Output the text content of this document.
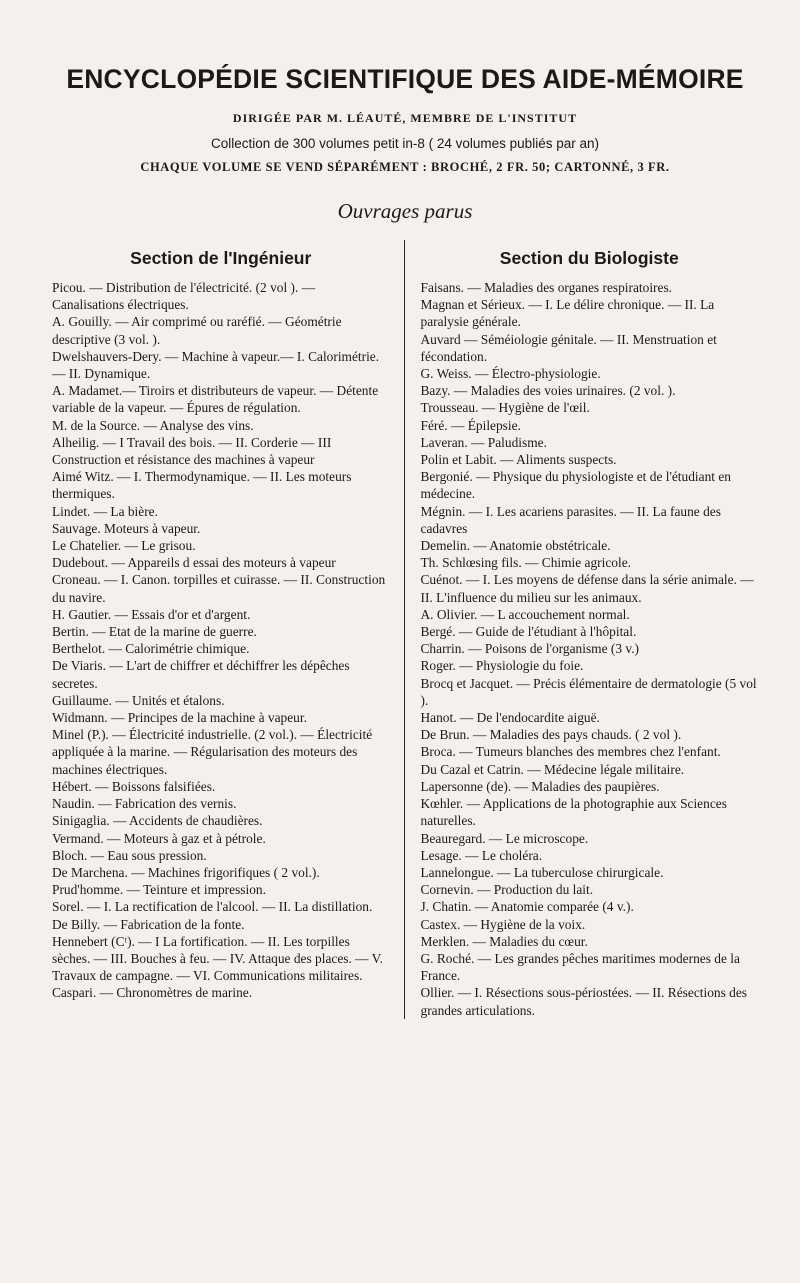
ENCYCLOPÉDIE SCIENTIFIQUE DES AIDE-MÉMOIRE
DIRIGÉE PAR M. LÉAUTÉ, MEMBRE DE L'INSTITUT
Collection de 300 volumes petit in-8 ( 24 volumes publiés par an)
CHAQUE VOLUME SE VEND SÉPARÉMENT : BROCHÉ, 2 FR. 50; CARTONNÉ, 3 FR.
Ouvrages parus
Section de l'Ingénieur

Picou. — Distribution de l'électricité. (2 vol ). — Canalisations électriques.

A. Gouilly. — Air comprimé ou raréfié. — Géométrie descriptive (3 vol. ).

Dwelshauvers-Dery. — Machine à vapeur.— I. Calorimétrie. — II. Dynamique.

A. Madamet.— Tiroirs et distributeurs de vapeur. — Détente variable de la vapeur. — Épures de régulation.

M. de la Source. — Analyse des vins.

Alheilig. — I Travail des bois. — II. Corderie — III Construction et résistance des machines à vapeur

Aimé Witz. — I. Thermodynamique. — II. Les moteurs thermiques.

Lindet. — La bière.

Sauvage. Moteurs à vapeur.

Le Chatelier. — Le grisou.

Dudebout. — Appareils d essai des moteurs à vapeur

Croneau. — I. Canon. torpilles et cuirasse. — II. Construction du navire.

H. Gautier. — Essais d'or et d'argent.

Bertin. — Etat de la marine de guerre.

Berthelot. — Calorimétrie chimique.

De Viaris. — L'art de chiffrer et déchiffrer les dépêches secretes.

Guillaume. — Unités et étalons.

Widmann. — Principes de la machine à vapeur.

Minel (P.). — Électricité industrielle. (2 vol.). — Électricité appliquée à la marine. — Régularisation des moteurs des machines électriques.

Hébert. — Boissons falsifiées.

Naudin. — Fabrication des vernis.

Sinigaglia. — Accidents de chaudières.

Vermand. — Moteurs à gaz et à pétrole.

Bloch. — Eau sous pression.

De Marchena. — Machines frigorifiques ( 2 vol.).

Prud'homme. — Teinture et impression.

Sorel. — I. La rectification de l'alcool. — II. La distillation.

De Billy. — Fabrication de la fonte.

Hennebert (Cᵗ). — I La fortification. — II. Les torpilles sèches. — III. Bouches à feu. — IV. Attaque des places. — V. Travaux de campagne. — VI. Communications militaires.

Caspari. — Chronomètres de marine.

Section du Biologiste

Faisans. — Maladies des organes respiratoires.

Magnan et Sérieux. — I. Le délire chronique. — II. La paralysie générale.

Auvard — Séméiologie génitale. — II. Menstruation et fécondation.

G. Weiss. — Électro-physiologie.

Bazy. — Maladies des voies urinaires. (2 vol. ).

Trousseau. — Hygiène de l'œil.

Féré. — Épilepsie.

Laveran. — Paludisme.

Polin et Labit. — Aliments suspects.

Bergonié. — Physique du physiologiste et de l'étudiant en médecine.

Mégnin. — I. Les acariens parasites. — II. La faune des cadavres

Demelin. — Anatomie obstétricale.

Th. Schlœsing fils. — Chimie agricole.

Cuénot. — I. Les moyens de défense dans la série animale. — II. L'influence du milieu sur les animaux.

A. Olivier. — L accouchement normal.

Bergé. — Guide de l'étudiant à l'hôpital.

Charrin. — Poisons de l'organisme (3 v.)

Roger. — Physiologie du foie.

Brocq et Jacquet. — Précis élémentaire de dermatologie (5 vol ).

Hanot. — De l'endocardite aiguë.

De Brun. — Maladies des pays chauds. ( 2 vol ).

Broca. — Tumeurs blanches des membres chez l'enfant.

Du Cazal et Catrin. — Médecine légale militaire.

Lapersonne (de). — Maladies des paupières.

Kœhler. — Applications de la photographie aux Sciences naturelles.

Beauregard. — Le microscope.

Lesage. — Le choléra.

Lannelongue. — La tuberculose chirurgicale.

Cornevin. — Production du lait.

J. Chatin. — Anatomie comparée (4 v.).

Castex. — Hygiène de la voix.

Merklen. — Maladies du cœur.

G. Roché. — Les grandes pêches maritimes modernes de la France.

Ollier. — I. Résections sous-périostées. — II. Résections des grandes articulations.
